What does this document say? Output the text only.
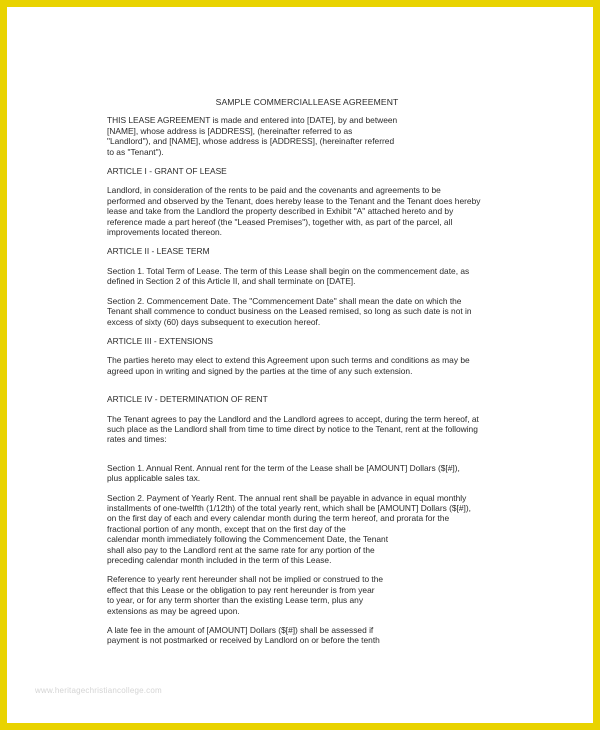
SAMPLE COMMERCIALLEASE AGREEMENT
THIS LEASE AGREEMENT is made and entered into [DATE], by and between
[NAME], whose address is [ADDRESS], (hereinafter referred to as
"Landlord"), and [NAME], whose address is [ADDRESS], (hereinafter referred
to as "Tenant").
ARTICLE I - GRANT OF LEASE
Landlord, in consideration of the rents to be paid and the covenants and agreements to be
performed and observed by the Tenant, does hereby lease to the Tenant and the Tenant does hereby
lease and take from the Landlord the property described in Exhibit "A" attached hereto and by
reference made a part hereof (the "Leased Premises"), together with, as part of the parcel, all
improvements located thereon.
ARTICLE II - LEASE TERM
Section 1. Total Term of Lease. The term of this Lease shall begin on the commencement date, as
defined in Section 2 of this Article II, and shall terminate on [DATE].
Section 2. Commencement Date. The "Commencement Date" shall mean the date on which the
Tenant shall commence to conduct business on the Leased remised, so long as such date is not in
excess of sixty (60) days subsequent to execution hereof.
ARTICLE III - EXTENSIONS
The parties hereto may elect to extend this Agreement upon such terms and conditions as may be
agreed upon in writing and signed by the parties at the time of any such extension.
ARTICLE IV - DETERMINATION OF RENT
The Tenant agrees to pay the Landlord and the Landlord agrees to accept, during the term hereof, at
such place as the Landlord shall from time to time direct by notice to the Tenant, rent at the following
rates and times:
Section 1. Annual Rent. Annual rent for the term of the Lease shall be [AMOUNT] Dollars ($[#]),
plus applicable sales tax.
Section 2. Payment of Yearly Rent. The annual rent shall be payable in advance in equal monthly
installments of one-twelfth (1/12th) of the total yearly rent, which shall be [AMOUNT] Dollars ($[#]),
on the first day of each and every calendar month during the term hereof, and prorata for the
fractional portion of any month, except that on the first day of the
calendar month immediately following the Commencement Date, the Tenant
shall also pay to the Landlord rent at the same rate for any portion of the
preceding calendar month included in the term of this Lease.
Reference to yearly rent hereunder shall not be implied or construed to the
effect that this Lease or the obligation to pay rent hereunder is from year
to year, or for any term shorter than the existing Lease term, plus any
extensions as may be agreed upon.
A late fee in the amount of [AMOUNT] Dollars ($[#]) shall be assessed if
payment is not postmarked or received by Landlord on or before the tenth
www.heritagechristiancollege.com
